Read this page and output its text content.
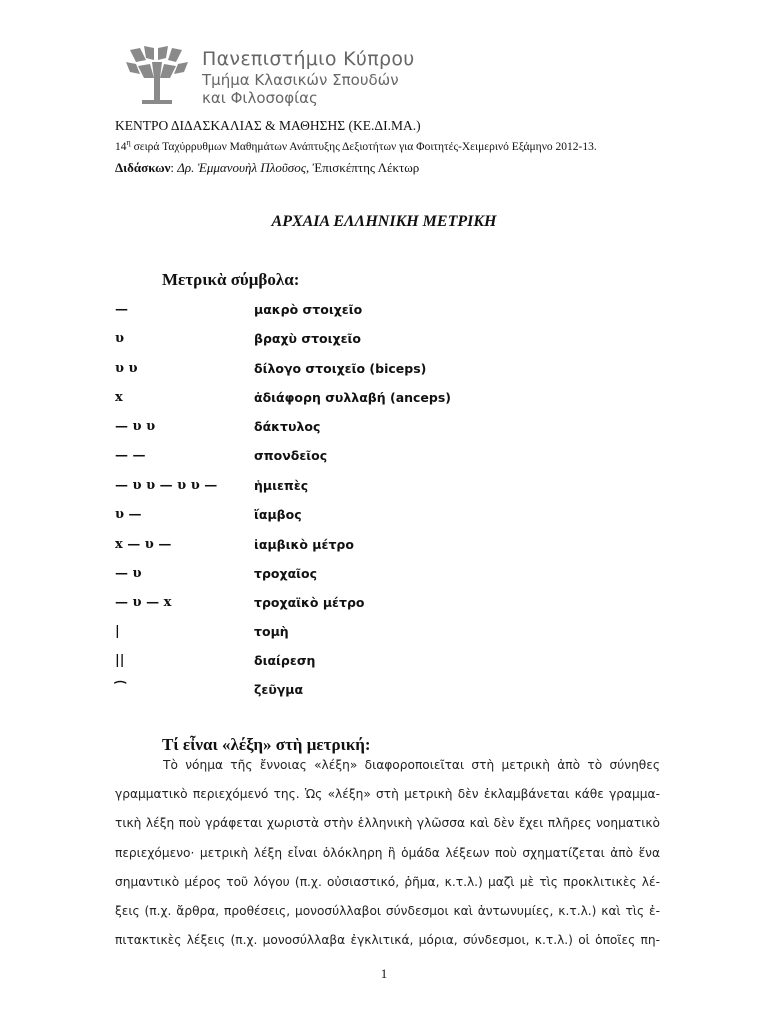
Πανεπιστήμιο Κύπρου
Τμήμα Κλασικών Σπουδών
και Φιλοσοφίας
ΚΕΝΤΡΟ ΔΙΔΑΣΚΑΛΙΑΣ & ΜΑΘΗΣΗΣ (ΚΕ.ΔΙ.ΜΑ.)
$14^\eta$ σειρά Ταχύρρυθμων Μαθημάτων Ανάπτυξης Δεξιοτήτων για Φοιτητές-Χειμερινό Εξάμηνο 2012-13.
Διδάσκων: Δρ. Ἐμμανουὴλ Πλοῦσος, Ἐπισκέπτης Λέκτωρ
ΑΡΧΑΙΑ ΕΛΛΗΝΙΚΗ ΜΕΤΡΙΚΗ
Μετρικὰ σύμβολα:
—	μακρὸ στοιχεῖο
υ	βραχὺ στοιχεῖο
υ υ	δίλογο στοιχεῖο (biceps)
x	ἀδιάφορη συλλαβή (anceps)
— υ υ	δάκτυλος
— —	σπονδεῖος
— υ υ — υ υ —	ἡμιεπὲς
υ —	ἴαμβος
x — υ —	ἰαμβικὸ μέτρο
— υ	τροχαῖος
— υ — x	τροχαϊκὸ μέτρο
|	τομὴ
||	διαίρεση
⁀	ζεῦγμα
Τί εἶναι «λέξη» στὴ μετρική:
Τὸ νόημα τῆς ἔννοιας «λέξη» διαφοροποιεῖται στὴ μετρικὴ ἀπὸ τὸ σύνηθες
γραμματικὸ περιεχόμενό της. Ὡς «λέξη» στὴ μετρικὴ δὲν ἐκλαμβάνεται κάθε γραμμα-
τικὴ λέξη ποὺ γράφεται χωριστὰ στὴν ἑλληνικὴ γλῶσσα καὶ δὲν ἔχει πλῆρες νοηματικὸ
περιεχόμενο· μετρικὴ λέξη εἶναι ὁλόκληρη ἢ ὁμάδα λέξεων ποὺ σχηματίζεται ἀπὸ ἕνα
σημαντικὸ μέρος τοῦ λόγου (π.χ. οὐσιαστικό, ῥῆμα, κ.τ.λ.) μαζὶ μὲ τὶς προκλιτικὲς λέ-
ξεις (π.χ. ἄρθρα, προθέσεις, μονοσύλλαβοι σύνδεσμοι καὶ ἀντωνυμίες, κ.τ.λ.) καὶ τὶς ἐ-
πιτακτικὲς λέξεις (π.χ. μονοσύλλαβα ἐγκλιτικά, μόρια, σύνδεσμοι, κ.τ.λ.) οἱ ὁποῖες πη-
1
